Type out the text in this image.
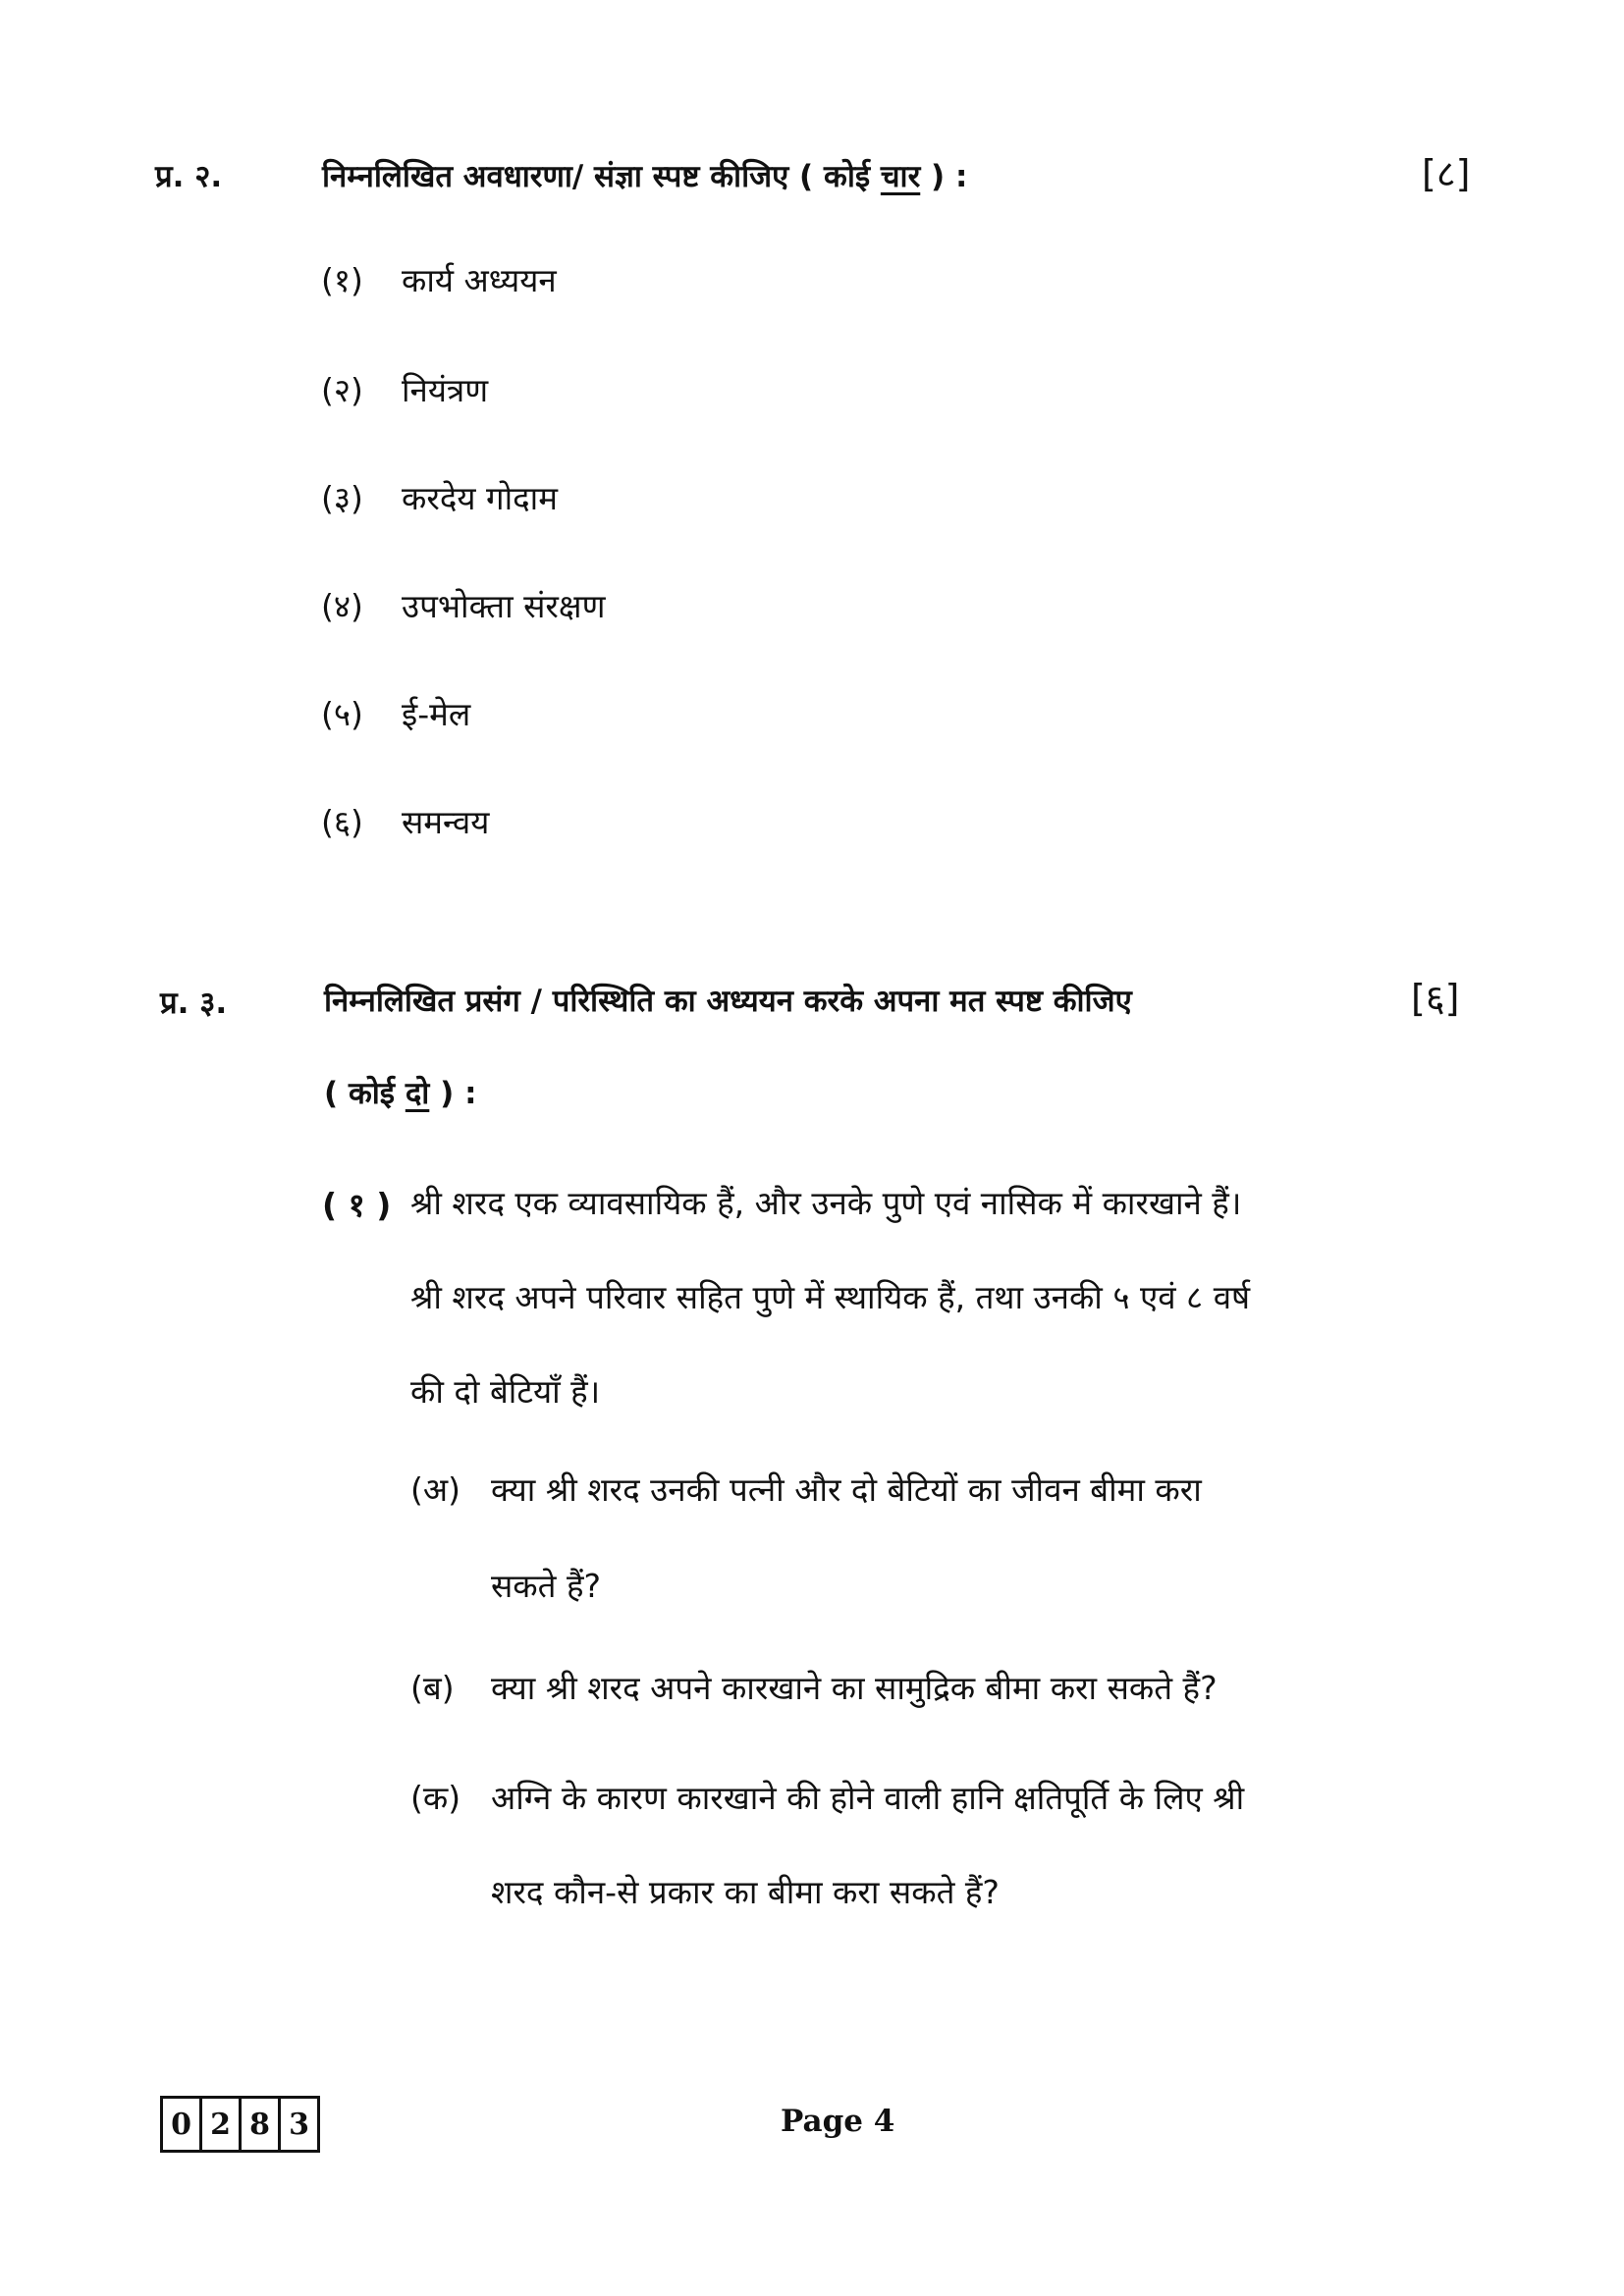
प्र. २.	निम्नलिखित अवधारणा/ संज्ञा स्पष्ट कीजिए ( कोई चार ) :	[८]
(१) कार्य अध्ययन
(२) नियंत्रण
(३) करदेय गोदाम
(४) उपभोक्ता संरक्षण
(५) ई-मेल
(६) समन्वय
प्र. ३.	निम्नलिखित प्रसंग / परिस्थिति का अध्ययन करके अपना मत स्पष्ट कीजिए	[६]
( कोई दो ) :
( १ ) श्री शरद एक व्यावसायिक हैं, और उनके पुणे एवं नासिक में कारखाने हैं।
श्री शरद अपने परिवार सहित पुणे में स्थायिक हैं, तथा उनकी ५ एवं ८ वर्ष
की दो बेटियाँ हैं।
(अ) क्या श्री शरद उनकी पत्नी और दो बेटियों का जीवन बीमा करा
सकते हैं?
(ब) क्या श्री शरद अपने कारखाने का सामुद्रिक बीमा करा सकते हैं?
(क) अग्नि के कारण कारखाने की होने वाली हानि क्षतिपूर्ति के लिए श्री
शरद कौन-से प्रकार का बीमा करा सकते हैं?
0 2 8 3	Page 4
